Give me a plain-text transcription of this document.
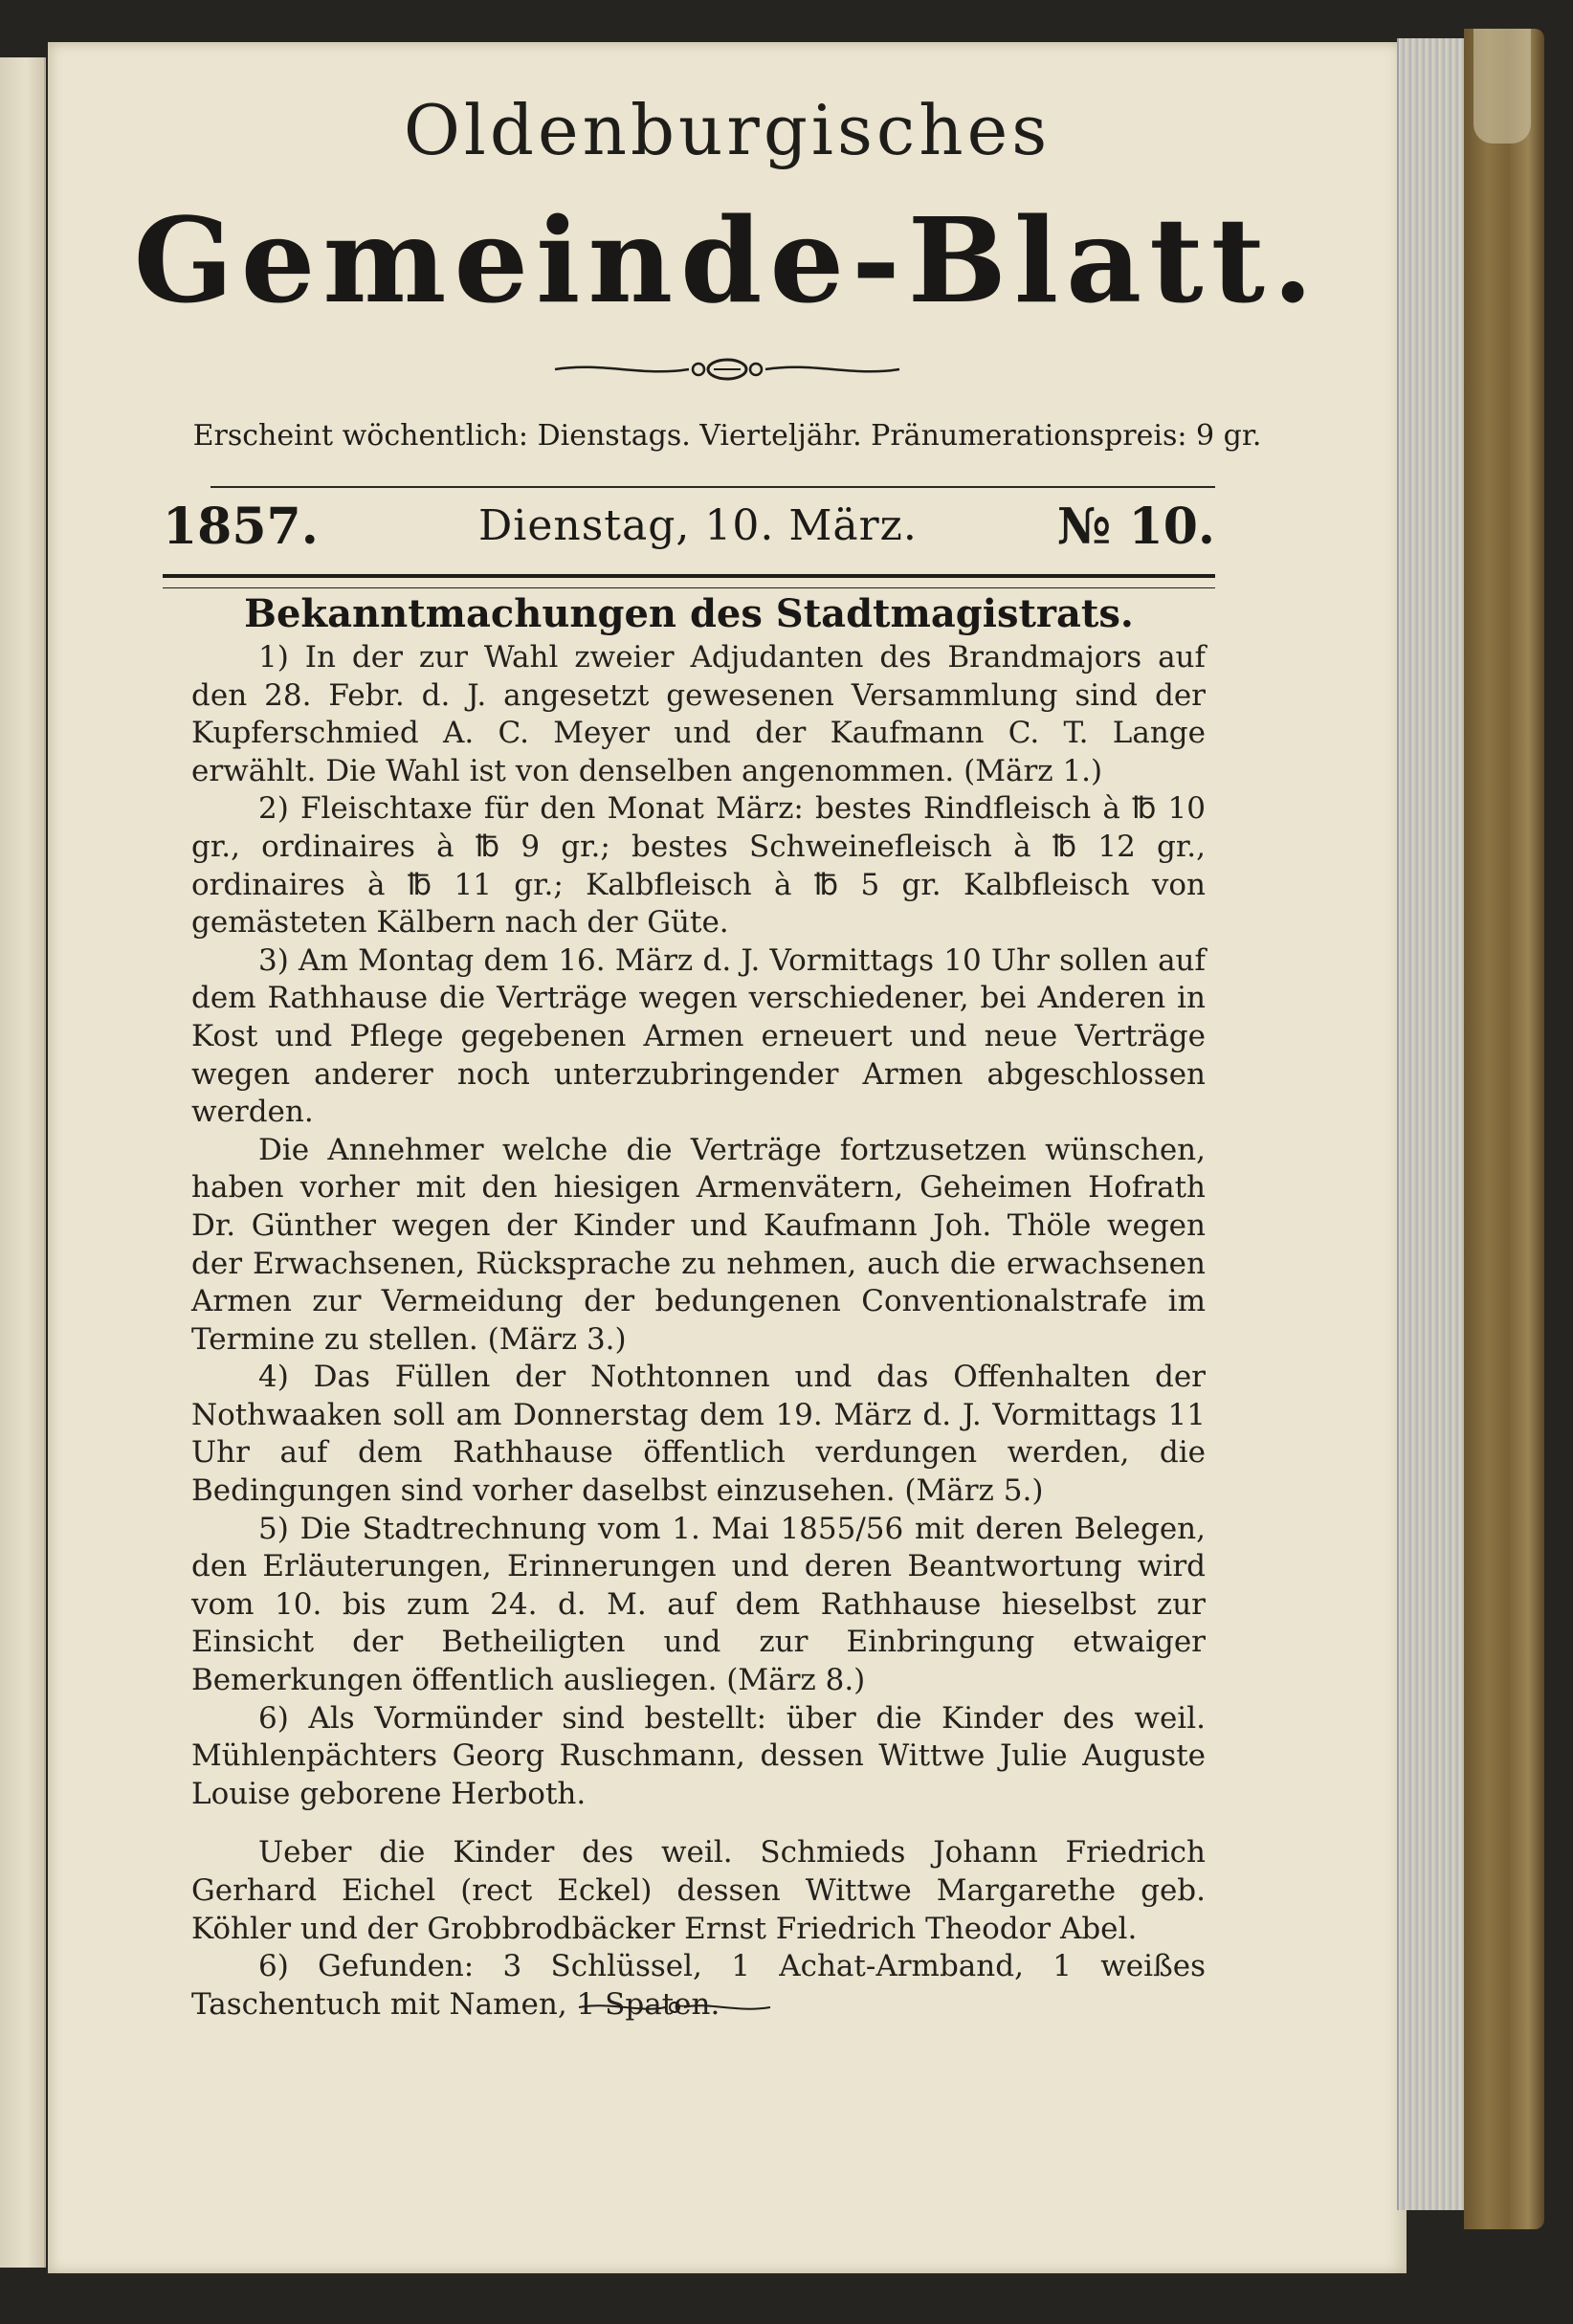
Oldenburgisches
Gemeinde-Blatt.
Erscheint wöchentlich: Dienstags. Vierteljähr. Pränumerationspreis: 9 gr.
1857.	Dienstag, 10. März.	№ 10.
Bekanntmachungen des Stadtmagistrats.

1) In der zur Wahl zweier Adjudanten des Brandmajors auf den 28. Febr. d. J. angesetzt gewesenen Versammlung sind der Kupferschmied A. C. Meyer und der Kaufmann C. T. Lange erwählt. Die Wahl ist von denselben angenommen. (März 1.)

2) Fleischtaxe für den Monat März: bestes Rindfleisch à ℔ 10 gr., ordinaires à ℔ 9 gr.; bestes Schweinefleisch à ℔ 12 gr., ordinaires à ℔ 11 gr.; Kalbfleisch à ℔ 5 gr. Kalbfleisch von gemästeten Kälbern nach der Güte.

3) Am Montag dem 16. März d. J. Vormittags 10 Uhr sollen auf dem Rathhause die Verträge wegen verschiedener, bei Anderen in Kost und Pflege gegebenen Armen erneuert und neue Verträge wegen anderer noch unterzubringender Armen abgeschlossen werden.

Die Annehmer welche die Verträge fortzusetzen wünschen, haben vorher mit den hiesigen Armenvätern, Geheimen Hofrath Dr. Günther wegen der Kinder und Kaufmann Joh. Thöle wegen der Erwachsenen, Rücksprache zu nehmen, auch die erwachsenen Armen zur Vermeidung der bedungenen Conventionalstrafe im Termine zu stellen. (März 3.)

4) Das Füllen der Nothtonnen und das Offenhalten der Nothwaaken soll am Donnerstag dem 19. März d. J. Vormittags 11 Uhr auf dem Rathhause öffentlich verdungen werden, die Bedingungen sind vorher daselbst einzusehen. (März 5.)

5) Die Stadtrechnung vom 1. Mai 1855/56 mit deren Belegen, den Erläuterungen, Erinnerungen und deren Beantwortung wird vom 10. bis zum 24. d. M. auf dem Rathhause hieselbst zur Einsicht der Betheiligten und zur Einbringung etwaiger Bemerkungen öffentlich ausliegen. (März 8.)

6) Als Vormünder sind bestellt: über die Kinder des weil. Mühlenpächters Georg Ruschmann, dessen Wittwe Julie Auguste Louise geborene Herboth.

Ueber die Kinder des weil. Schmieds Johann Friedrich Gerhard Eichel (rect Eckel) dessen Wittwe Margarethe geb. Köhler und der Grobbrodbäcker Ernst Friedrich Theodor Abel.

6) Gefunden: 3 Schlüssel, 1 Achat-Armband, 1 weißes Taschentuch mit Namen, 1 Spaten.
